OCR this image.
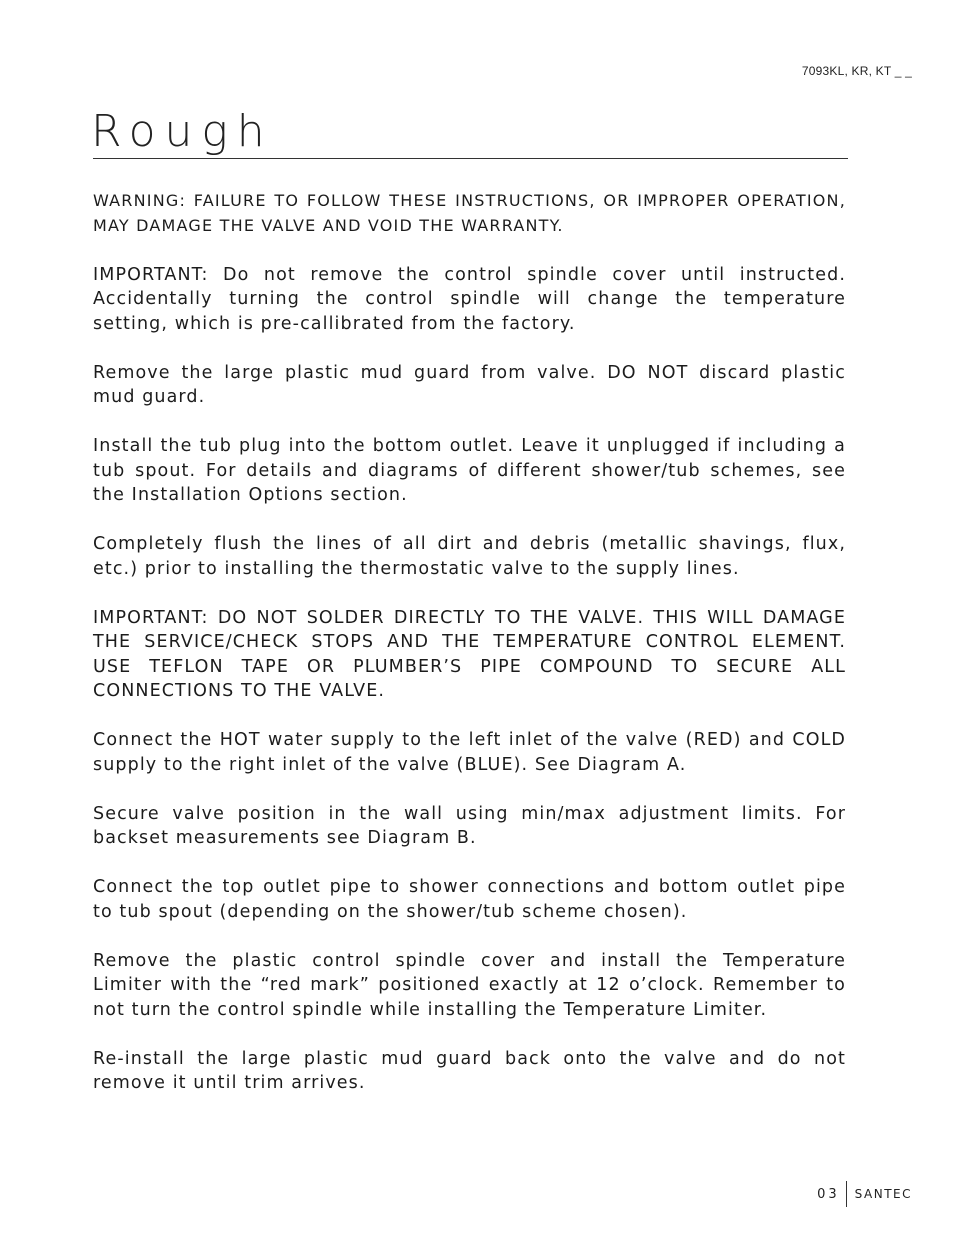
7093KL, KR, KT _ _
Rough

WARNING: FAILURE TO FOLLOW THESE INSTRUCTIONS, OR IMPROPER OPERATION, MAY DAMAGE THE VALVE AND VOID THE WARRANTY.

IMPORTANT: Do not remove the control spindle cover until instructed. Accidentally turning the control spindle will change the temperature setting, which is pre-callibrated from the factory.

Remove the large plastic mud guard from valve. DO NOT discard plastic mud guard.

Install the tub plug into the bottom outlet. Leave it unplugged if including a tub spout. For details and diagrams of different shower/tub schemes, see the Installation Options section.

Completely flush the lines of all dirt and debris (metallic shavings, flux, etc.) prior to installing the thermostatic valve to the supply lines.

IMPORTANT: DO NOT SOLDER DIRECTLY TO THE VALVE. THIS WILL DAMAGE THE SERVICE/CHECK STOPS AND THE TEMPERATURE CONTROL ELEMENT. USE TEFLON TAPE OR PLUMBER’S PIPE COMPOUND TO SECURE ALL CONNECTIONS TO THE VALVE.

Connect the HOT water supply to the left inlet of the valve (RED) and COLD supply to the right inlet of the valve (BLUE). See Diagram A.

Secure valve position in the wall using min/max adjustment limits. For backset measurements see Diagram B.

Connect the top outlet pipe to shower connections and bottom outlet pipe to tub spout (depending on the shower/tub scheme chosen).

Remove the plastic control spindle cover and install the Temperature Limiter with the “red mark” positioned exactly at 12 o’clock. Remember to not turn the control spindle while installing the Temperature Limiter.

Re-install the large plastic mud guard back onto the valve and do not remove it until trim arrives.

03 SANTEC
